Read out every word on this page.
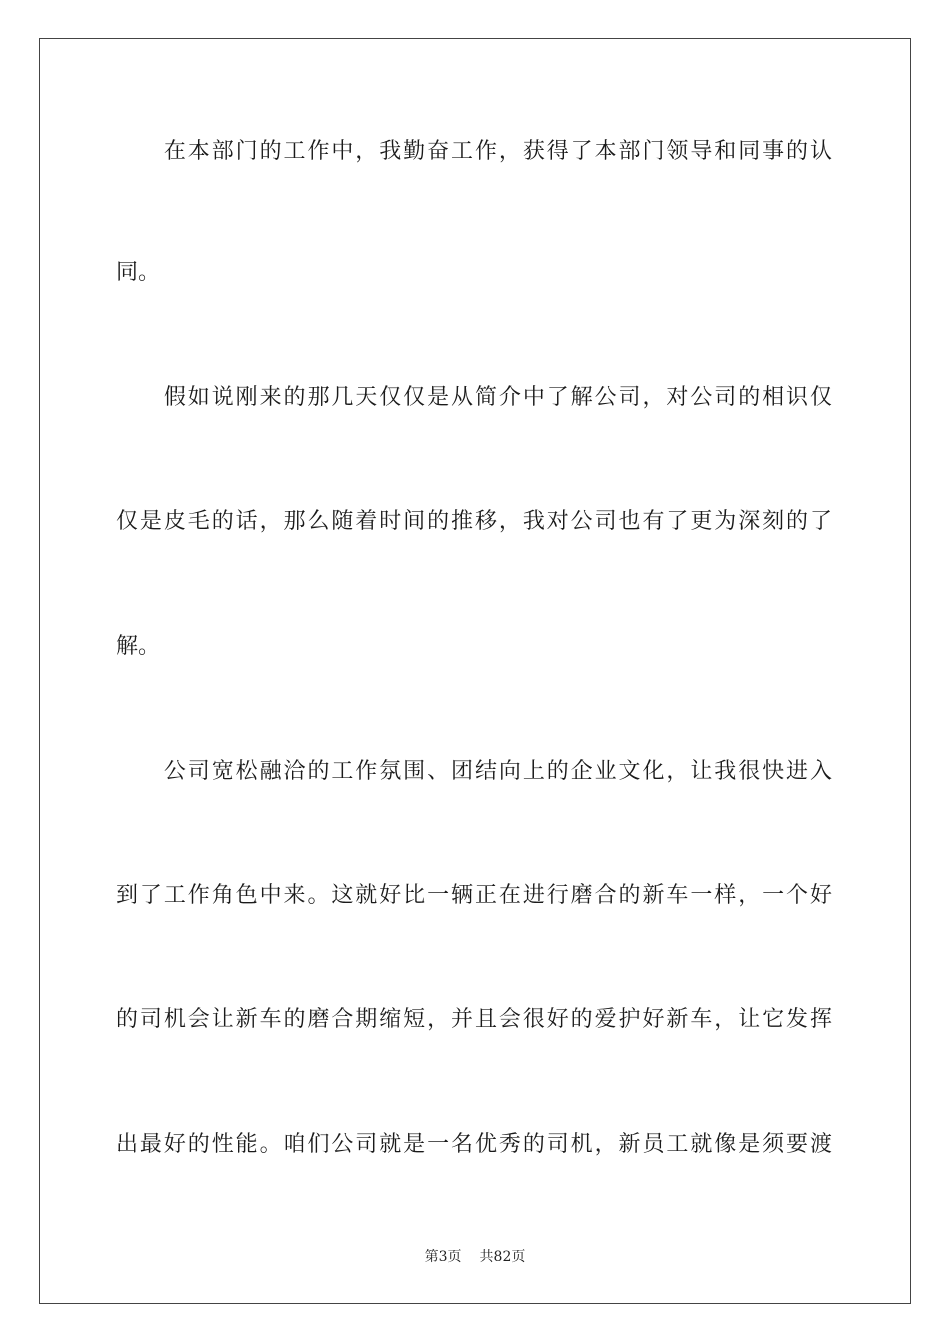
　　在本部门的工作中，我勤奋工作，获得了本部门领导和同事的认
同。
　　假如说刚来的那几天仅仅是从简介中了解公司，对公司的相识仅
仅是皮毛的话，那么随着时间的推移，我对公司也有了更为深刻的了
解。
　　公司宽松融洽的工作氛围、团结向上的企业文化，让我很快进入
到了工作角色中来。这就好比一辆正在进行磨合的新车一样，一个好
的司机会让新车的磨合期缩短，并且会很好的爱护好新车，让它发挥
出最好的性能。咱们公司就是一名优秀的司机，新员工就像是须要渡
第3页 共82页
